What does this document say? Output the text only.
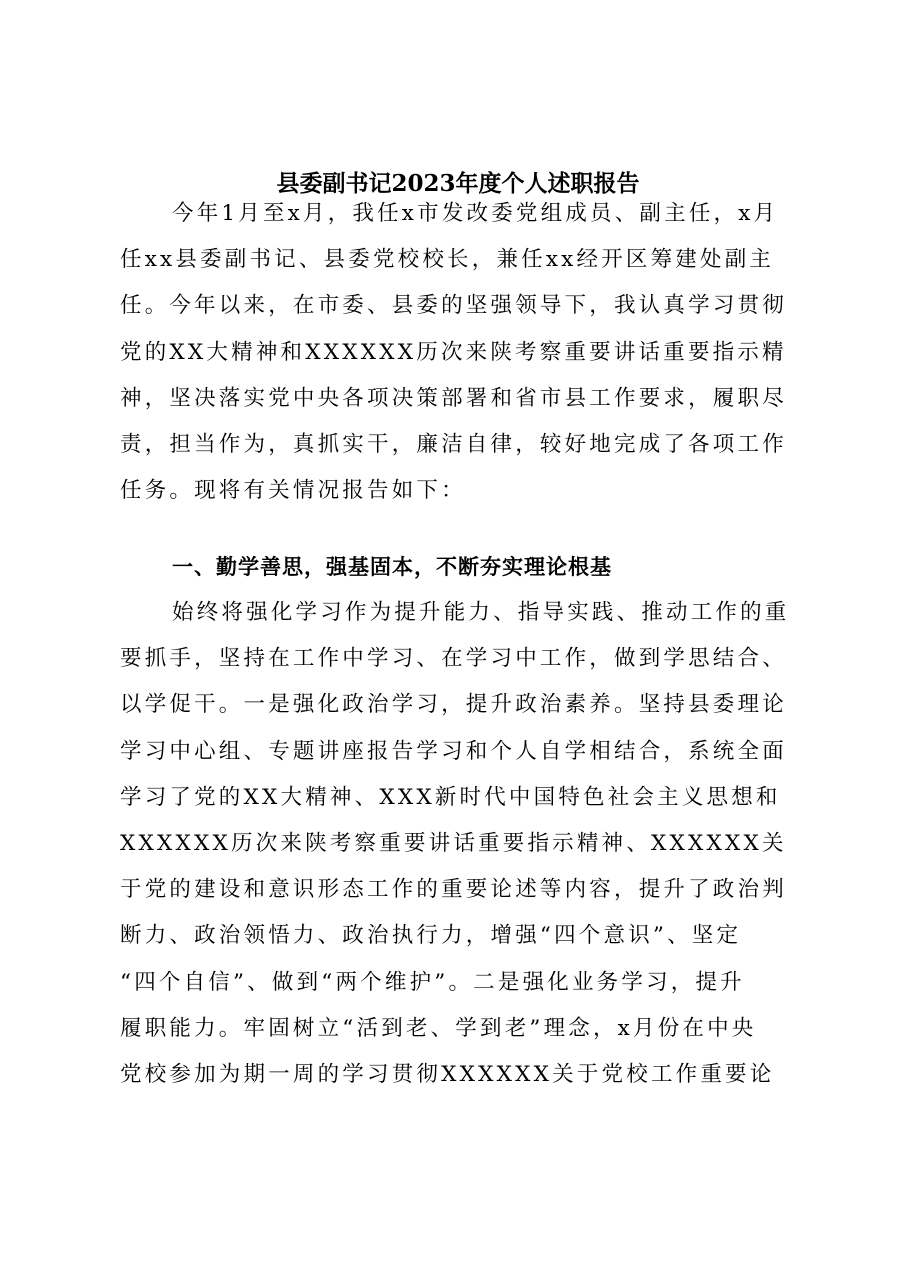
县委副书记2023年度个人述职报告
今年1月至x月，我任x市发改委党组成员、副主任，x月
任xx县委副书记、县委党校校长，兼任xx经开区筹建处副主
任。今年以来，在市委、县委的坚强领导下，我认真学习贯彻
党的XX大精神和XXXXXX历次来陕考察重要讲话重要指示精
神，坚决落实党中央各项决策部署和省市县工作要求，履职尽
责，担当作为，真抓实干，廉洁自律，较好地完成了各项工作
任务。现将有关情况报告如下：
一、勤学善思，强基固本，不断夯实理论根基
始终将强化学习作为提升能力、指导实践、推动工作的重
要抓手，坚持在工作中学习、在学习中工作，做到学思结合、
以学促干。一是强化政治学习，提升政治素养。坚持县委理论
学习中心组、专题讲座报告学习和个人自学相结合，系统全面
学习了党的XX大精神、XXX新时代中国特色社会主义思想和
XXXXXX历次来陕考察重要讲话重要指示精神、XXXXXX关
于党的建设和意识形态工作的重要论述等内容，提升了政治判
断力、政治领悟力、政治执行力，增强“四个意识”、坚定
“四个自信”、做到“两个维护”。二是强化业务学习，提升
履职能力。牢固树立“活到老、学到老”理念，x月份在中央
党校参加为期一周的学习贯彻XXXXXX关于党校工作重要论
